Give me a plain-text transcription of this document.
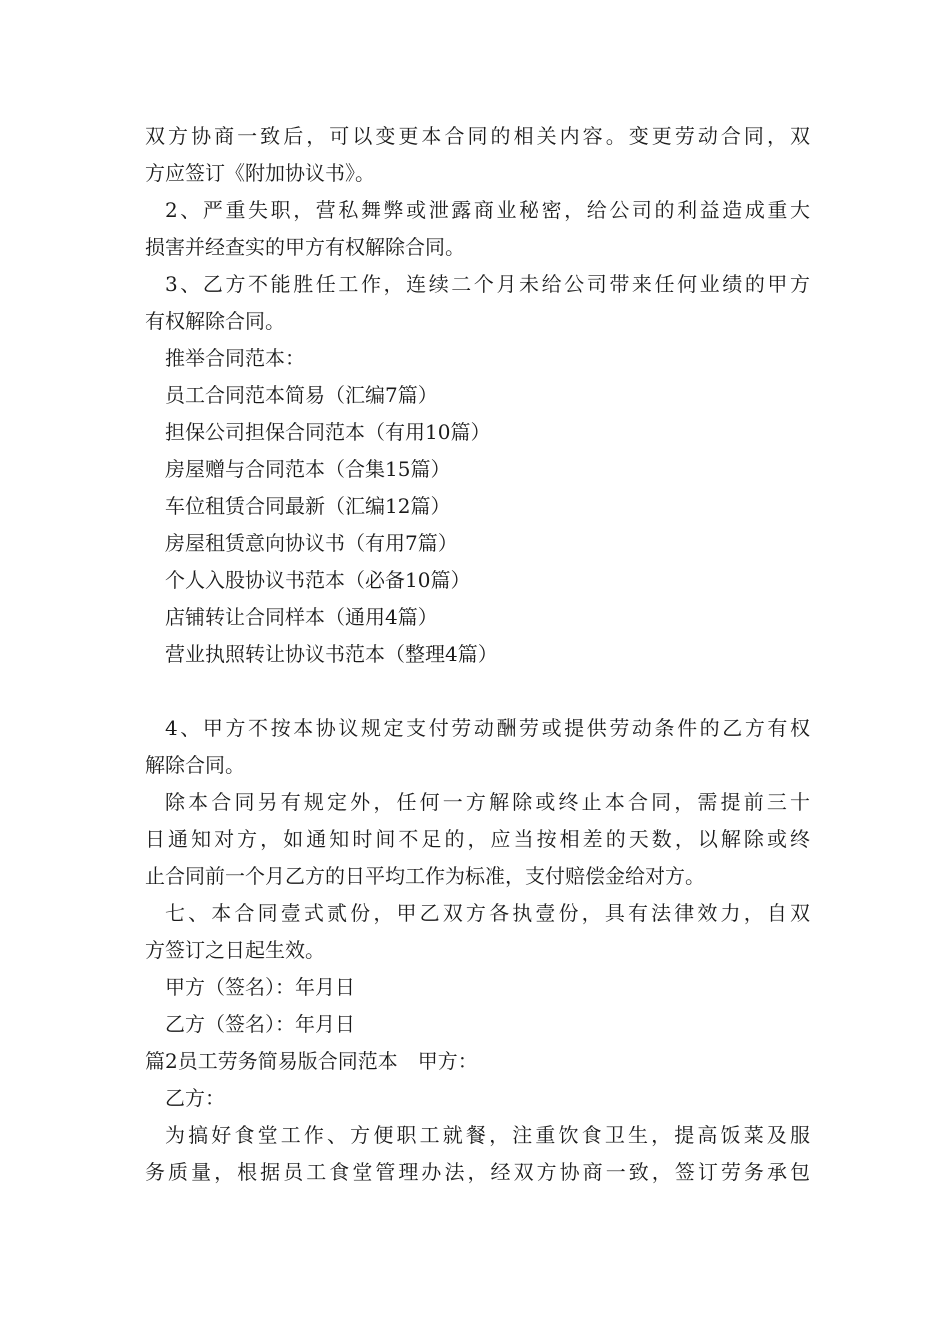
双方协商一致后，可以变更本合同的相关内容。变更劳动合同，双
方应签订《附加协议书》。
2、严重失职，营私舞弊或泄露商业秘密，给公司的利益造成重大
损害并经查实的甲方有权解除合同。
3、乙方不能胜任工作，连续二个月未给公司带来任何业绩的甲方
有权解除合同。
推举合同范本：
员工合同范本简易（汇编7篇）
担保公司担保合同范本（有用10篇）
房屋赠与合同范本（合集15篇）
车位租赁合同最新（汇编12篇）
房屋租赁意向协议书（有用7篇）
个人入股协议书范本（必备10篇）
店铺转让合同样本（通用4篇）
营业执照转让协议书范本（整理4篇）
4、甲方不按本协议规定支付劳动酬劳或提供劳动条件的乙方有权
解除合同。
除本合同另有规定外，任何一方解除或终止本合同，需提前三十
日通知对方，如通知时间不足的，应当按相差的天数，以解除或终
止合同前一个月乙方的日平均工作为标准，支付赔偿金给对方。
七、本合同壹式贰份，甲乙双方各执壹份，具有法律效力，自双
方签订之日起生效。
甲方（签名）：年月日
乙方（签名）：年月日
篇2员工劳务简易版合同范本　甲方：
乙方：
为搞好食堂工作、方便职工就餐，注重饮食卫生，提高饭菜及服
务质量，根据员工食堂管理办法，经双方协商一致，签订劳务承包
